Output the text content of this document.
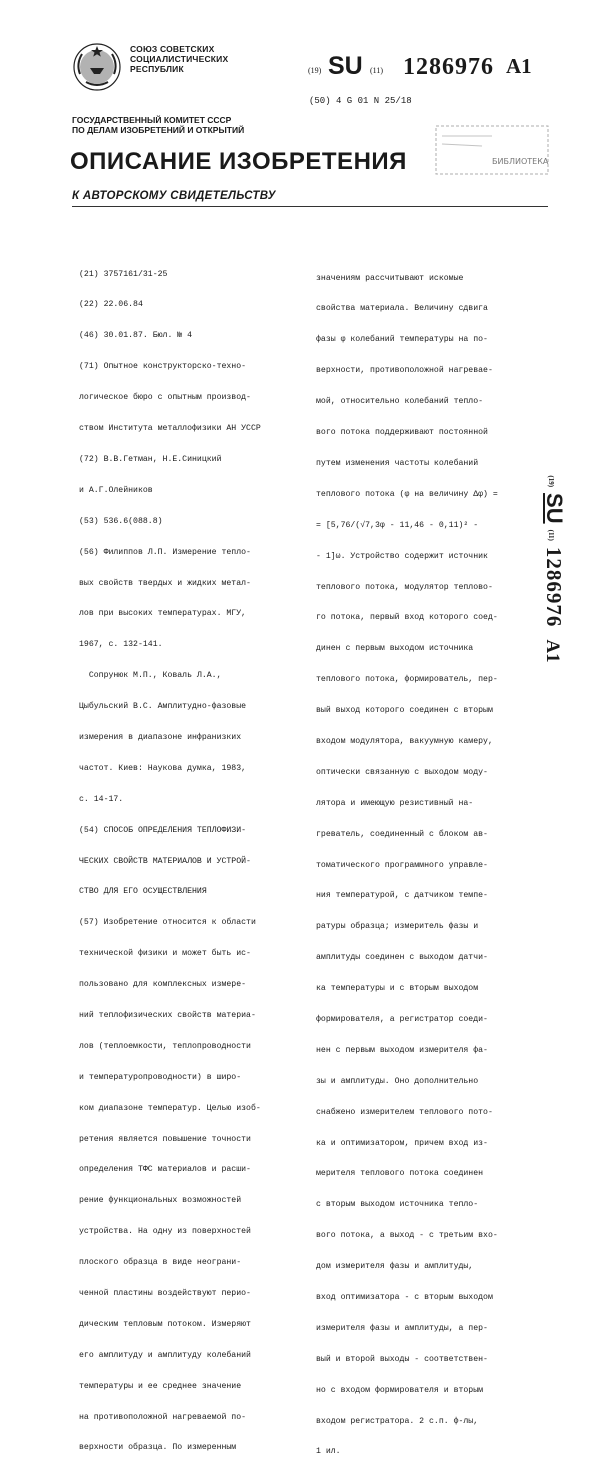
СОЮЗ СОВЕТСКИХ
СОЦИАЛИСТИЧЕСКИХ
РЕСПУБЛИК	(19) SU (11) 1286976 A1
(50) 4 G 01 N 25/18
БИБЛИОТЕКА
ГОСУДАРСТВЕННЫЙ КОМИТЕТ СССР
ПО ДЕЛАМ ИЗОБРЕТЕНИЙ И ОТКРЫТИЙ
ОПИСАНИЕ ИЗОБРЕТЕНИЯ
К АВТОРСКОМУ СВИДЕТЕЛЬСТВУ

(21) 3757161/31-25

(22) 22.06.84

(46) 30.01.87. Бюл. № 4

(71) Опытное конструкторско-техно-

логическое бюро с опытным производ-

ством Института металлофизики АН УССР

(72) В.В.Гетман, Н.Е.Синицкий

и А.Г.Олейников

(53) 536.6(088.8)

(56) Филиппов Л.П. Измерение тепло-

вых свойств твердых и жидких метал-

лов при высоких температурах. МГУ,

1967, с. 132-141.

Сопрунюк М.П., Коваль Л.А.,

Цыбульский В.С. Амплитудно-фазовые

измерения в диапазоне инфранизких

частот. Киев: Наукова думка, 1983,

с. 14-17.

(54) СПОСОБ ОПРЕДЕЛЕНИЯ ТЕПЛОФИЗИ-

ЧЕСКИХ СВОЙСТВ МАТЕРИАЛОВ И УСТРОЙ-

СТВО ДЛЯ ЕГО ОСУЩЕСТВЛЕНИЯ

(57) Изобретение относится к области

технической физики и может быть ис-

пользовано для комплексных измере-

ний теплофизических свойств материа-

лов (теплоемкости, теплопроводности

и температуропроводности) в широ-

ком диапазоне температур. Целью изоб-

ретения является повышение точности

определения ТФС материалов и расши-

рение функциональных возможностей

устройства. На одну из поверхностей

плоского образца в виде неограни-

ченной пластины воздействуют перио-

дическим тепловым потоком. Измеряют

его амплитуду и амплитуду колебаний

температуры и ее среднее значение

на противоположной нагреваемой по-

верхности образца. По измеренным

значениям рассчитывают искомые

свойства материала. Величину сдвига

фазы φ колебаний температуры на по-

верхности, противоположной нагревае-

мой, относительно колебаний тепло-

вого потока поддерживают постоянной

путем изменения частоты колебаний

теплового потока (φ на величину Δφ) =

= [5,76/(√7,3φ - 11,46 - 0,11)² -

- 1]ω. Устройство содержит источник

теплового потока, модулятор теплово-

го потока, первый вход которого соед-

динен с первым выходом источника

теплового потока, формирователь, пер-

вый выход которого соединен с вторым

входом модулятора, вакуумную камеру,

оптически связанную с выходом моду-

лятора и имеющую резистивный на-

греватель, соединенный с блоком ав-

томатического программного управле-

ния температурой, с датчиком темпе-

ратуры образца; измеритель фазы и

амплитуды соединен с выходом датчи-

ка температуры и с вторым выходом

формирователя, а регистратор соеди-

нен с первым выходом измерителя фа-

зы и амплитуды. Оно дополнительно

снабжено измерителем теплового пото-

ка и оптимизатором, причем вход из-

мерителя теплового потока соединен

с вторым выходом источника тепло-

вого потока, а выход - с третьим вхо-

дом измерителя фазы и амплитуды,

вход оптимизатора - с вторым выходом

измерителя фазы и амплитуды, а пер-

вый и второй выходы - соответствен-

но с входом формирователя и вторым

входом регистратора. 2 с.п. ф-лы,

1 ил.

(19) SU (11) 1286976 A1
